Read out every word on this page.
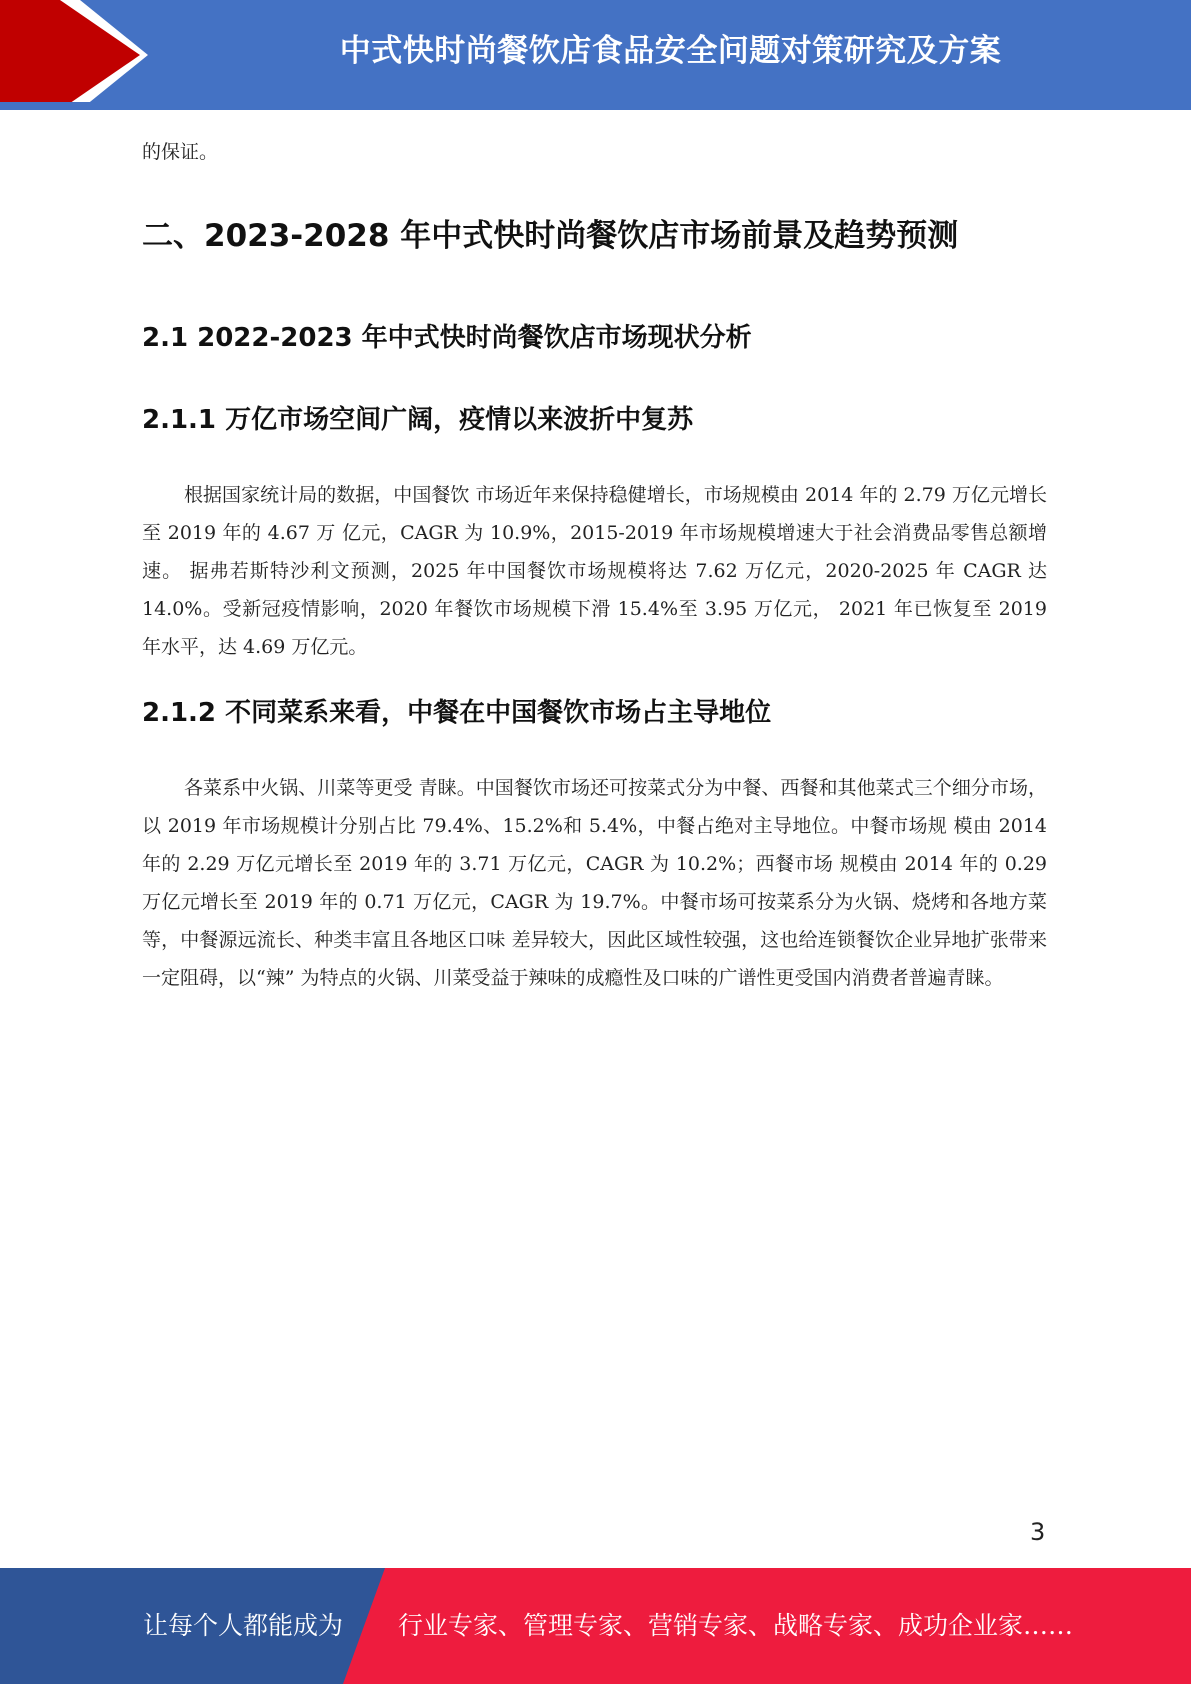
中式快时尚餐饮店食品安全问题对策研究及方案
的保证。
二、2023-2028 年中式快时尚餐饮店市场前景及趋势预测
2.1 2022-2023 年中式快时尚餐饮店市场现状分析
2.1.1 万亿市场空间广阔，疫情以来波折中复苏

根据国家统计局的数据，中国餐饮 市场近年来保持稳健增长，市场规模由 2014 年的 2.79 万亿元增长至 2019 年的 4.67 万 亿元，CAGR 为 10.9%，2015-2019 年市场规模增速大于社会消费品零售总额增速。 据弗若斯特沙利文预测，2025 年中国餐饮市场规模将达 7.62 万亿元，2020-2025 年 CAGR 达 14.0%。受新冠疫情影响，2020 年餐饮市场规模下滑 15.4%至 3.95 万亿元， 2021 年已恢复至 2019 年水平，达 4.69 万亿元。

2.1.2 不同菜系来看，中餐在中国餐饮市场占主导地位

各菜系中火锅、川菜等更受 青睐。中国餐饮市场还可按菜式分为中餐、西餐和其他菜式三个细分市场，以 2019 年市场规模计分别占比 79.4%、15.2%和 5.4%，中餐占绝对主导地位。中餐市场规 模由 2014 年的 2.29 万亿元增长至 2019 年的 3.71 万亿元，CAGR 为 10.2%；西餐市场 规模由 2014 年的 0.29 万亿元增长至 2019 年的 0.71 万亿元，CAGR 为 19.7%。中餐市场可按菜系分为火锅、烧烤和各地方菜等，中餐源远流长、种类丰富且各地区口味 差异较大，因此区域性较强，这也给连锁餐饮企业异地扩张带来一定阻碍，以“辣” 为特点的火锅、川菜受益于辣味的成瘾性及口味的广谱性更受国内消费者普遍青睐。

3
让每个人都能成为 行业专家、管理专家、营销专家、战略专家、成功企业家……
